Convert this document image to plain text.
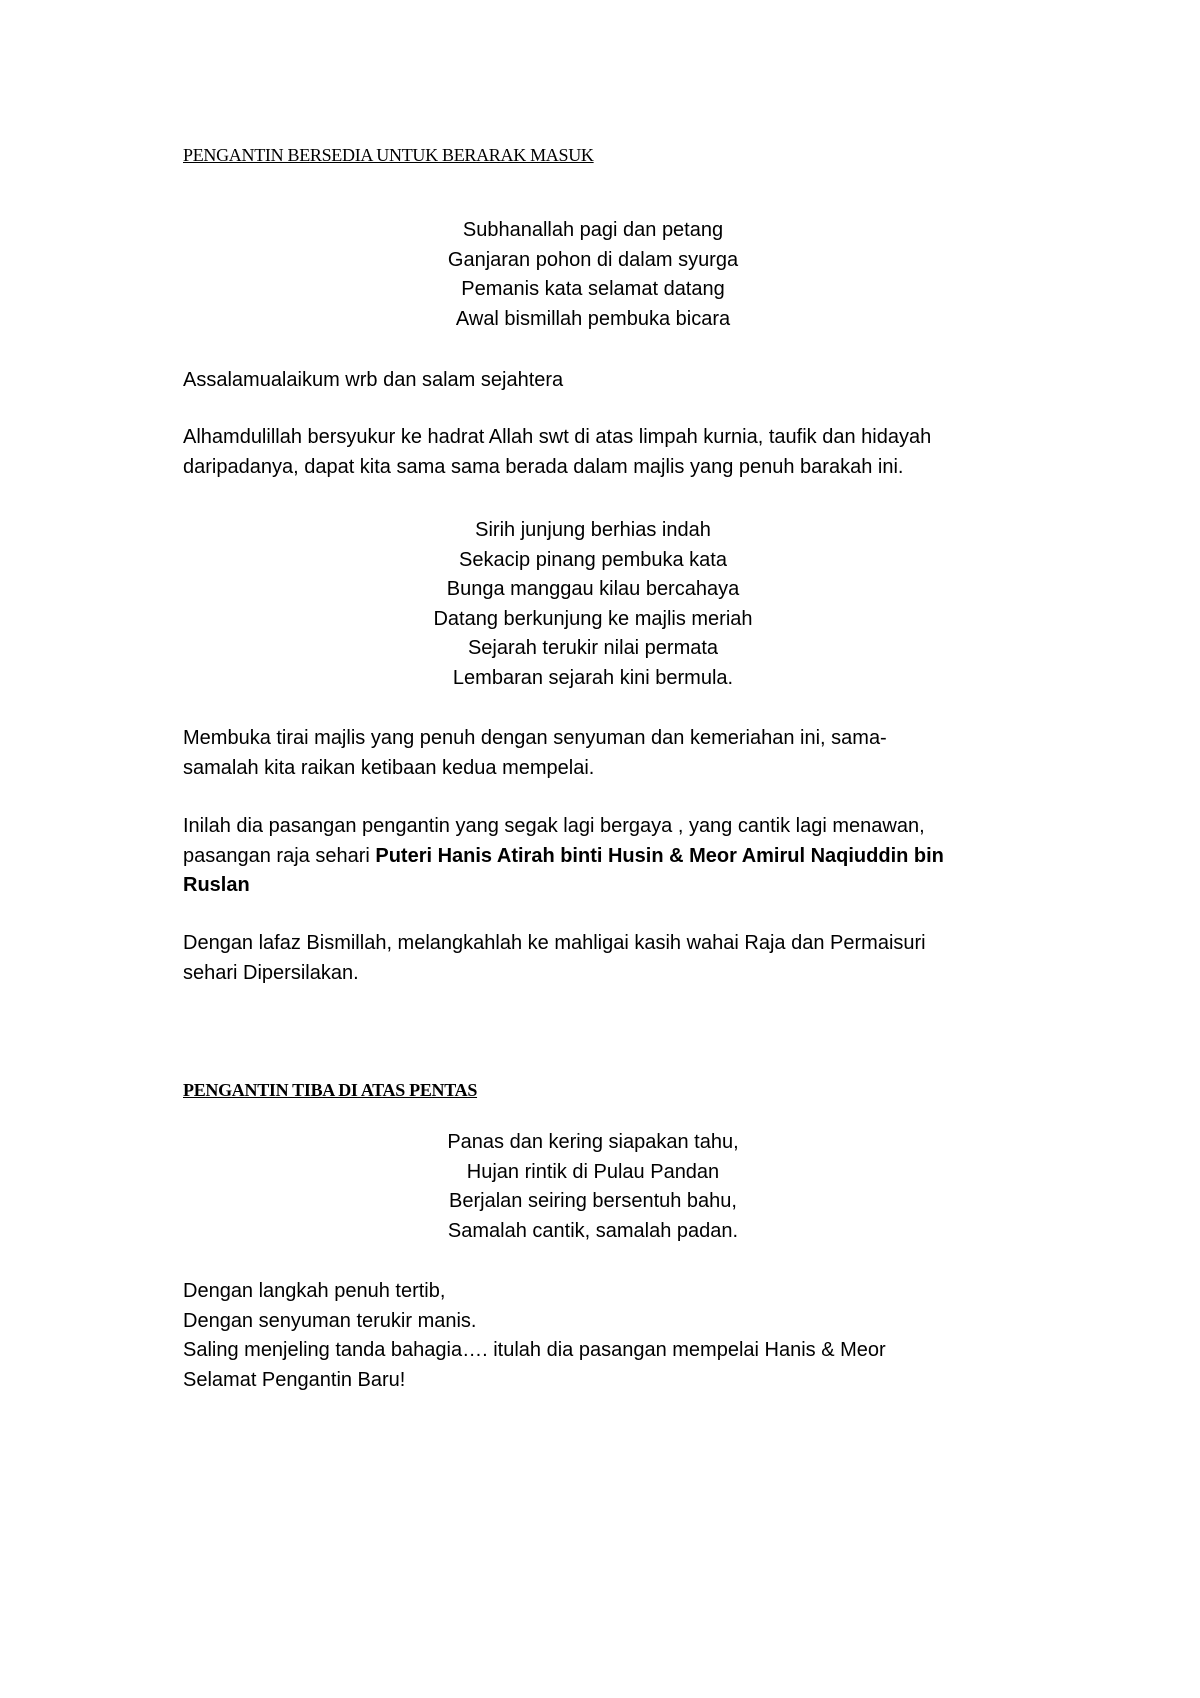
PENGANTIN BERSEDIA UNTUK BERARAK MASUK
Subhanallah pagi dan petang
Ganjaran pohon di dalam syurga
Pemanis kata selamat datang
Awal bismillah pembuka bicara
Assalamualaikum wrb dan salam sejahtera
Alhamdulillah bersyukur ke hadrat Allah swt di atas limpah kurnia, taufik dan hidayah
daripadanya, dapat kita sama sama berada dalam majlis yang penuh barakah ini.
Sirih junjung berhias indah
Sekacip pinang pembuka kata
Bunga manggau kilau bercahaya
Datang berkunjung ke majlis meriah
Sejarah terukir nilai permata
Lembaran sejarah kini bermula.
Membuka tirai majlis yang penuh dengan senyuman dan kemeriahan ini, sama-
samalah kita raikan ketibaan kedua mempelai.
Inilah dia pasangan pengantin yang segak lagi bergaya , yang cantik lagi menawan,
pasangan raja sehari Puteri Hanis Atirah binti Husin & Meor Amirul Naqiuddin bin
Ruslan
Dengan lafaz Bismillah, melangkahlah ke mahligai kasih wahai Raja dan Permaisuri
sehari Dipersilakan.
PENGANTIN TIBA DI ATAS PENTAS
Panas dan kering siapakan tahu,
Hujan rintik di Pulau Pandan
Berjalan seiring bersentuh bahu,
Samalah cantik, samalah padan.
Dengan langkah penuh tertib,
Dengan senyuman terukir manis.
Saling menjeling tanda bahagia…. itulah dia pasangan mempelai Hanis & Meor
Selamat Pengantin Baru!
